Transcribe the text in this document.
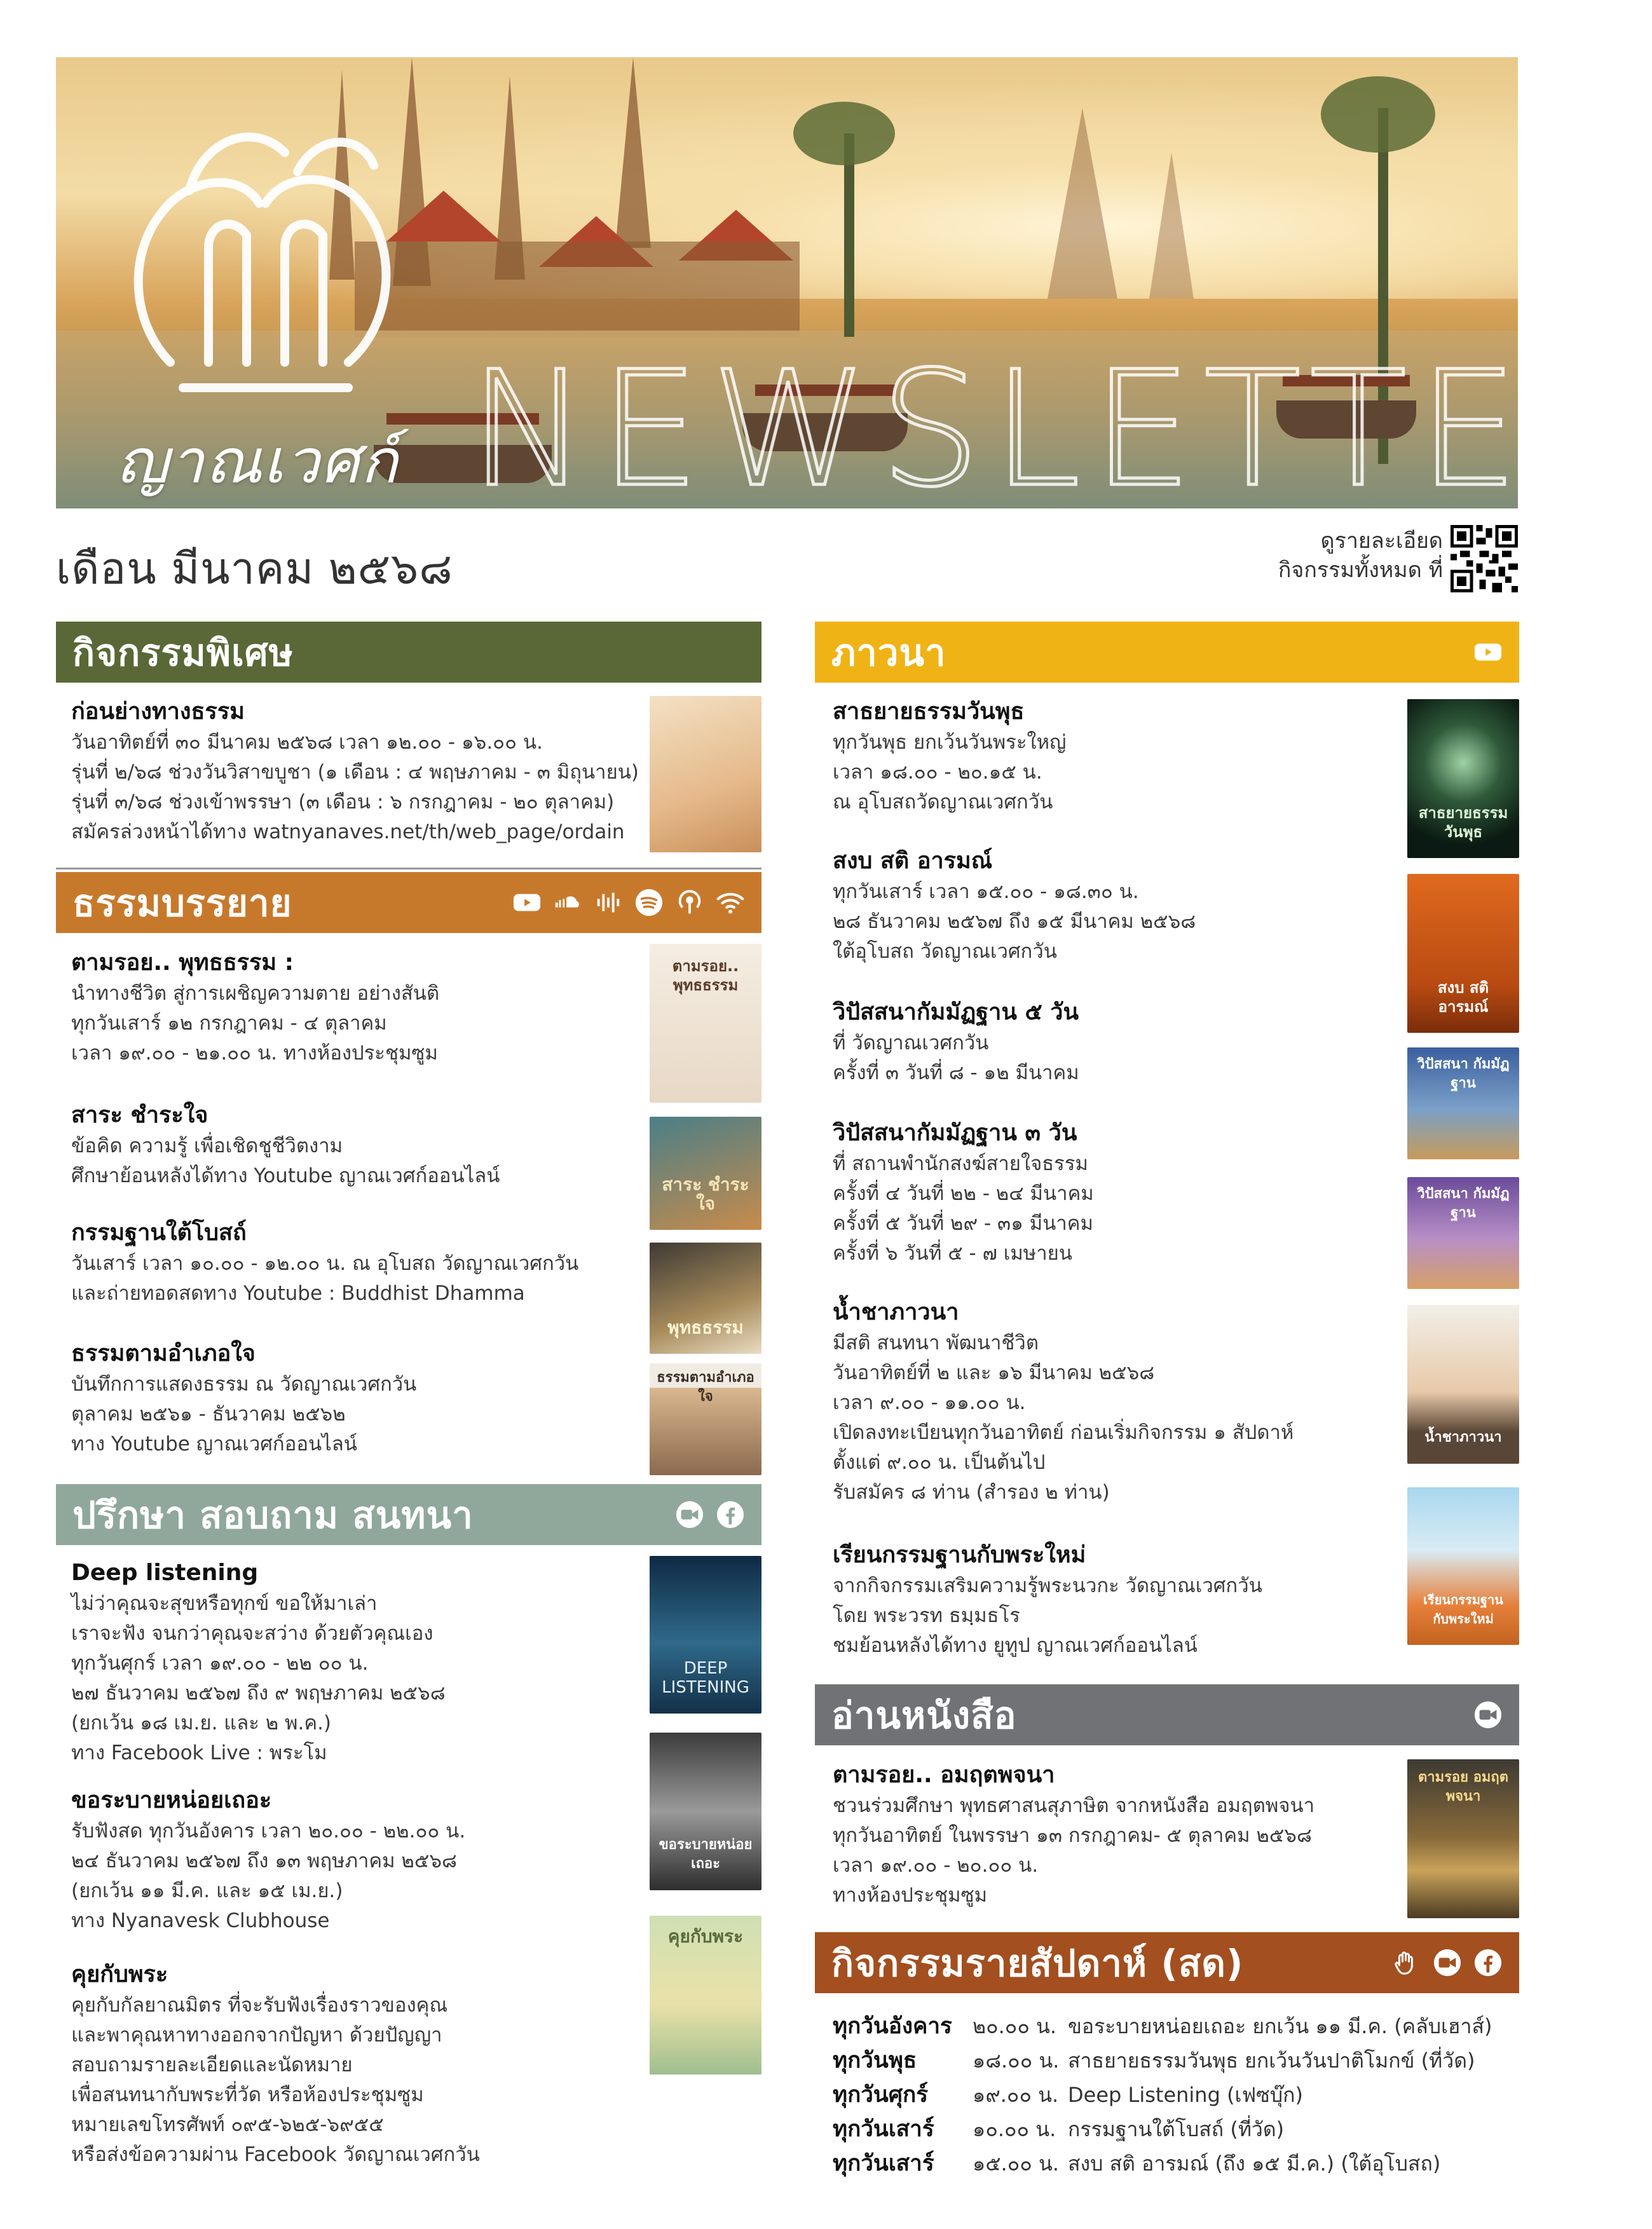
ญาณเวศก์ NEWSLETTER
เดือน มีนาคม ๒๕๖๘
ดูรายละเอียด
กิจกรรมทั้งหมด ที่
กิจกรรมพิเศษ
ก่อนย่างทางธรรม

วันอาทิตย์ที่ ๓๐ มีนาคม ๒๕๖๘ เวลา ๑๒.๐๐ - ๑๖.๐๐ น.

รุ่นที่ ๒/๖๘ ช่วงวันวิสาขบูชา (๑ เดือน : ๔ พฤษภาคม - ๓ มิถุนายน)

รุ่นที่ ๓/๖๘ ช่วงเข้าพรรษา (๓ เดือน : ๖ กรกฎาคม - ๒๐ ตุลาคม)

สมัครล่วงหน้าได้ทาง watnyanaves.net/th/web_page/ordain

ธรรมบรรยาย
ตามรอย.. พุทธธรรม :

นำทางชีวิต สู่การเผชิญความตาย อย่างสันติ

ทุกวันเสาร์ ๑๒ กรกฎาคม - ๔ ตุลาคม

เวลา ๑๙.๐๐ - ๒๑.๐๐ น. ทางห้องประชุมซูม

ตามรอย.. พุทธธรรม
สาระ ชำระใจ

ข้อคิด ความรู้ เพื่อเชิดชูชีวิตงาม

ศึกษาย้อนหลังได้ทาง Youtube ญาณเวศก์ออนไลน์	สาระ ชำระใจ
กรรมฐานใต้โบสถ์

วันเสาร์ เวลา ๑๐.๐๐ - ๑๒.๐๐ น. ณ อุโบสถ วัดญาณเวศกวัน

และถ่ายทอดสดทาง Youtube : Buddhist Dhamma

พุทธธรรม
ธรรมตามอำเภอใจ

บันทึกการแสดงธรรม ณ วัดญาณเวศกวัน

ตุลาคม ๒๕๖๑ - ธันวาคม ๒๕๖๒

ทาง Youtube ญาณเวศก์ออนไลน์

ธรรมตามอำเภอใจ
ปรึกษา สอบถาม สนทนา
Deep listening

ไม่ว่าคุณจะสุขหรือทุกข์ ขอให้มาเล่า

เราจะฟัง จนกว่าคุณจะสว่าง ด้วยตัวคุณเอง

ทุกวันศุกร์ เวลา ๑๙.๐๐ - ๒๒ ๐๐ น.

๒๗ ธันวาคม ๒๕๖๗ ถึง ๙ พฤษภาคม ๒๕๖๘

(ยกเว้น ๑๘ เม.ย. และ ๒ พ.ค.)

ทาง Facebook Live : พระโม

DEEP LISTENING
ขอระบายหน่อยเถอะ

รับฟังสด ทุกวันอังคาร เวลา ๒๐.๐๐ - ๒๒.๐๐ น.

๒๔ ธันวาคม ๒๕๖๗ ถึง ๑๓ พฤษภาคม ๒๕๖๘

(ยกเว้น ๑๑ มี.ค. และ ๑๕ เม.ย.)

ทาง Nyanavesk Clubhouse

ขอระบายหน่อยเถอะ
คุยกับพระ

คุยกับกัลยาณมิตร ที่จะรับฟังเรื่องราวของคุณ

และพาคุณหาทางออกจากปัญหา ด้วยปัญญา

สอบถามรายละเอียดและนัดหมาย

เพื่อสนทนากับพระที่วัด หรือห้องประชุมซูม

หมายเลขโทรศัพท์ ๐๙๕-๖๒๕-๖๙๕๕

หรือส่งข้อความผ่าน Facebook วัดญาณเวศกวัน

คุยกับพระ
ภาวนา
สาธยายธรรมวันพุธ

ทุกวันพุธ ยกเว้นวันพระใหญ่

เวลา ๑๘.๐๐ - ๒๐.๑๕ น.

ณ อุโบสถวัดญาณเวศกวัน	สาธยายธรรม วันพุธ
สงบ สติ อารมณ์

ทุกวันเสาร์ เวลา ๑๕.๐๐ - ๑๘.๓๐ น.

๒๘ ธันวาคม ๒๕๖๗ ถึง ๑๕ มีนาคม ๒๕๖๘

ใต้อุโบสถ วัดญาณเวศกวัน

สงบ สติ อารมณ์
วิปัสสนากัมมัฏฐาน ๕ วัน

ที่ วัดญาณเวศกวัน

ครั้งที่ ๓ วันที่ ๘ - ๑๒ มีนาคม	วิปัสสนา กัมมัฏฐาน
วิปัสสนากัมมัฏฐาน ๓ วัน

ที่ สถานพำนักสงฆ์สายใจธรรม

ครั้งที่ ๔ วันที่ ๒๒ - ๒๔ มีนาคม

ครั้งที่ ๕ วันที่ ๒๙ - ๓๑ มีนาคม

ครั้งที่ ๖ วันที่ ๕ - ๗ เมษายน

วิปัสสนา กัมมัฏฐาน
น้ำชาภาวนา

มีสติ สนทนา พัฒนาชีวิต

วันอาทิตย์ที่ ๒ และ ๑๖ มีนาคม ๒๕๖๘

เวลา ๙.๐๐ - ๑๑.๐๐ น.

เปิดลงทะเบียนทุกวันอาทิตย์ ก่อนเริ่มกิจกรรม ๑ สัปดาห์

ตั้งแต่ ๙.๐๐ น. เป็นต้นไป

รับสมัคร ๘ ท่าน (สำรอง ๒ ท่าน)

น้ำชาภาวนา
เรียนกรรมฐานกับพระใหม่

จากกิจกรรมเสริมความรู้พระนวกะ วัดญาณเวศกวัน

โดย พระวรท ธมฺมธโร

ชมย้อนหลังได้ทาง ยูทูป ญาณเวศก์ออนไลน์

เรียนกรรมฐาน กับพระใหม่
อ่านหนังสือ
ตามรอย.. อมฤตพจนา

ชวนร่วมศึกษา พุทธศาสนสุภาษิต จากหนังสือ อมฤตพจนา

ทุกวันอาทิตย์ ในพรรษา ๑๓ กรกฎาคม- ๕ ตุลาคม ๒๕๖๘

เวลา ๑๙.๐๐ - ๒๐.๐๐ น.

ทางห้องประชุมซูม

ตามรอย อมฤตพจนา
กิจกรรมรายสัปดาห์ (สด)
ทุกวันอังคาร	๒๐.๐๐ น. ขอระบายหน่อยเถอะ ยกเว้น ๑๑ มี.ค. (คลับเฮาส์)
ทุกวันพุธ	๑๘.๐๐ น. สาธยายธรรมวันพุธ ยกเว้นวันปาติโมกข์ (ที่วัด)
ทุกวันศุกร์	๑๙.๐๐ น. Deep Listening (เฟซบุ๊ก)
ทุกวันเสาร์	๑๐.๐๐ น. กรรมฐานใต้โบสถ์ (ที่วัด)
ทุกวันเสาร์	๑๕.๐๐ น. สงบ สติ อารมณ์ (ถึง ๑๕ มี.ค.) (ใต้อุโบสถ)
